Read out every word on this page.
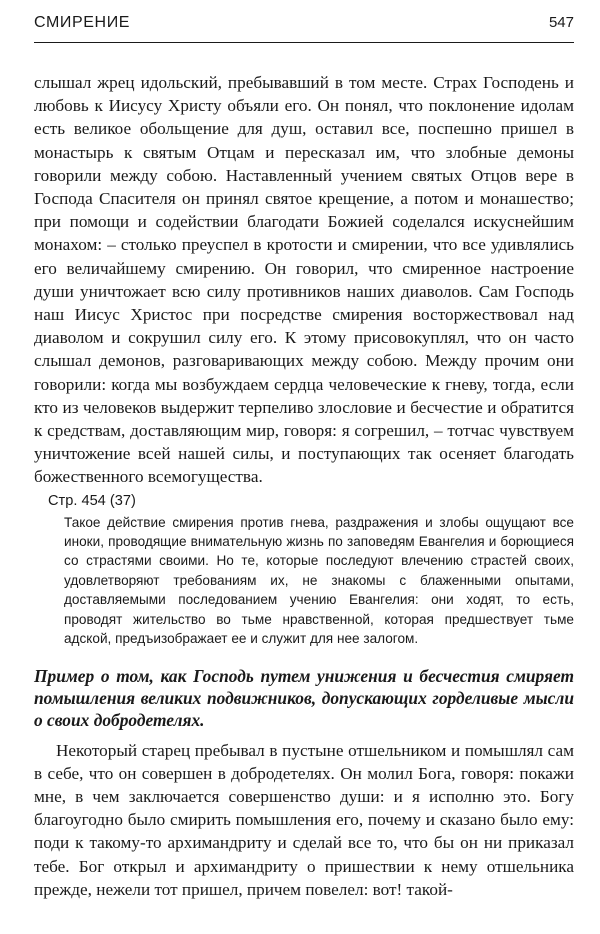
СМИРЕНИЕ	547

слышал жрец идольский, пребывавший в том месте. Страх Господень и любовь к Иисусу Христу объяли его. Он понял, что поклонение идолам есть великое обольщение для душ, оставил все, поспешно пришел в монастырь к святым Отцам и пересказал им, что злобные демоны говорили между собою. Наставленный учением святых Отцов вере в Господа Спасителя он принял святое крещение, а потом и монашество; при помощи и содействии благодати Божией соделался искуснейшим монахом: – столько преуспел в кротости и смирении, что все удивлялись его величайшему смирению. Он говорил, что смиренное настроение души уничтожает всю силу противников наших диаволов. Сам Господь наш Иисус Христос при посредстве смирения восторжествовал над диаволом и сокрушил силу его. К этому присовокуплял, что он часто слышал демонов, разговаривающих между собою. Между прочим они говорили: когда мы возбуждаем сердца человеческие к гневу, тогда, если кто из человеков выдержит терпеливо злословие и бесчестие и обратится к средствам, доставляющим мир, говоря: я согрешил, – тотчас чувствуем уничтожение всей нашей силы, и поступающих так осеняет благодать божественного всемогущества.

Стр. 454 (37)
Такое действие смирения против гнева, раздражения и злобы ощущают все иноки, проводящие внимательную жизнь по заповедям Евангелия и борющиеся со страстями своими. Но те, которые последуют влечению страстей своих, удовлетворяют требованиям их, не знакомы с блаженными опытами, доставляемыми последованием учению Евангелия: они ходят, то есть, проводят жительство во тьме нравственной, которая предшествует тьме адской, предъизображает ее и служит для нее залогом.
Пример о том, как Господь путем унижения и бесчестия смиряет помышления великих подвижников, допускающих горделивые мысли о своих добродетелях.

Некоторый старец пребывал в пустыне отшельником и помышлял сам в себе, что он совершен в добродетелях. Он молил Бога, говоря: покажи мне, в чем заключается совершенство души: и я исполню это. Богу благоугодно было смирить помышления его, почему и сказано было ему: поди к такому-то архимандриту и сделай все то, что бы он ни приказал тебе. Бог открыл и архимандриту о пришествии к нему отшельника прежде, нежели тот пришел, причем повелел: вот! такой-
